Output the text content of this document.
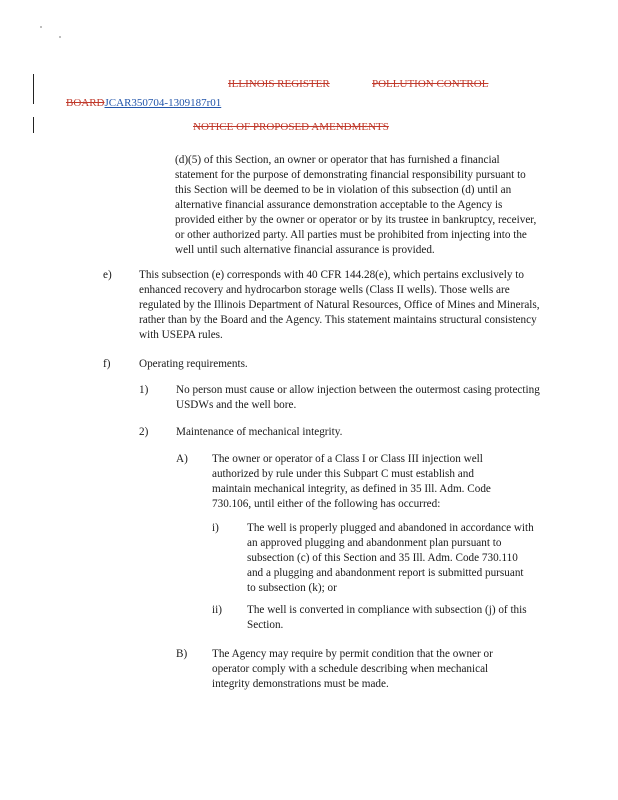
ILLINOIS REGISTER	POLLUTION CONTROL
BOARDJCAR350704-1309187r01
NOTICE OF PROPOSED AMENDMENTS
(d)(5) of this Section, an owner or operator that has furnished a financial statement for the purpose of demonstrating financial responsibility pursuant to this Section will be deemed to be in violation of this subsection (d) until an alternative financial assurance demonstration acceptable to the Agency is provided either by the owner or operator or by its trustee in bankruptcy, receiver, or other authorized party. All parties must be prohibited from injecting into the well until such alternative financial assurance is provided.
e) This subsection (e) corresponds with 40 CFR 144.28(e), which pertains exclusively to enhanced recovery and hydrocarbon storage wells (Class II wells). Those wells are regulated by the Illinois Department of Natural Resources, Office of Mines and Minerals, rather than by the Board and the Agency. This statement maintains structural consistency with USEPA rules.
f)	Operating requirements.
1) No person must cause or allow injection between the outermost casing protecting USDWs and the well bore.
2) Maintenance of mechanical integrity.
A) The owner or operator of a Class I or Class III injection well authorized by rule under this Subpart C must establish and maintain mechanical integrity, as defined in 35 Ill. Adm. Code 730.106, until either of the following has occurred:
i)	The well is properly plugged and abandoned in accordance with an approved plugging and abandonment plan pursuant to subsection (c) of this Section and 35 Ill. Adm. Code 730.110 and a plugging and abandonment report is submitted pursuant to subsection (k); or
ii) The well is converted in compliance with subsection (j) of this Section.
B) The Agency may require by permit condition that the owner or operator comply with a schedule describing when mechanical integrity demonstrations must be made.
